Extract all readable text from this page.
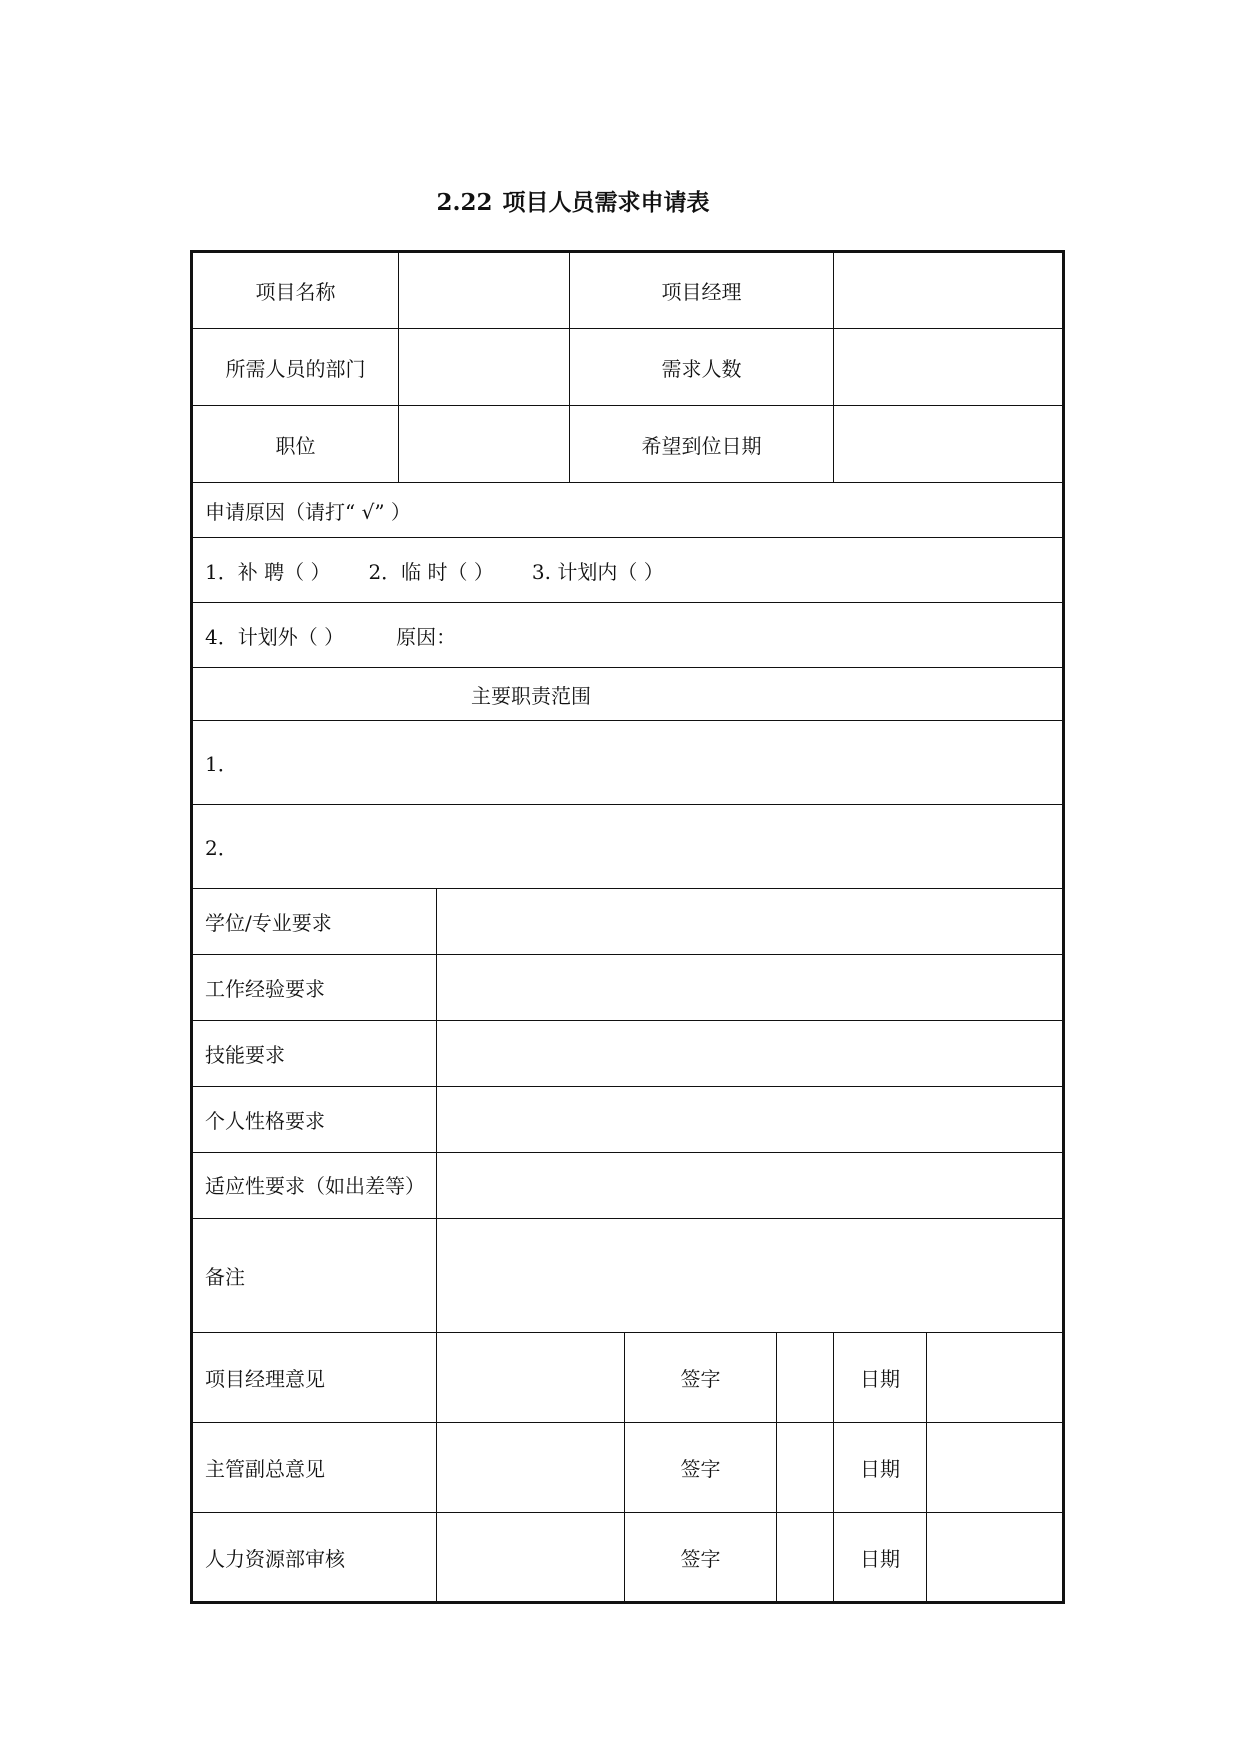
2.22 项目人员需求申请表
项目名称			项目经理				
所需人员的部门			需求人数				
职位			希望到位日期				
申请原因（请打“ √” ）							
1．补 聘（ ） 2．临 时（ ） 3. 计划内（ ）							
4．计划外（ ） 原因：							
主要职责范围							
1．							
2．							
学位/专业要求							
工作经验要求							
技能要求							
个人性格要求							
适应性要求（如出差等）							
备注							
项目经理意见				签字		日期	
主管副总意见				签字		日期	
人力资源部审核				签字		日期	
